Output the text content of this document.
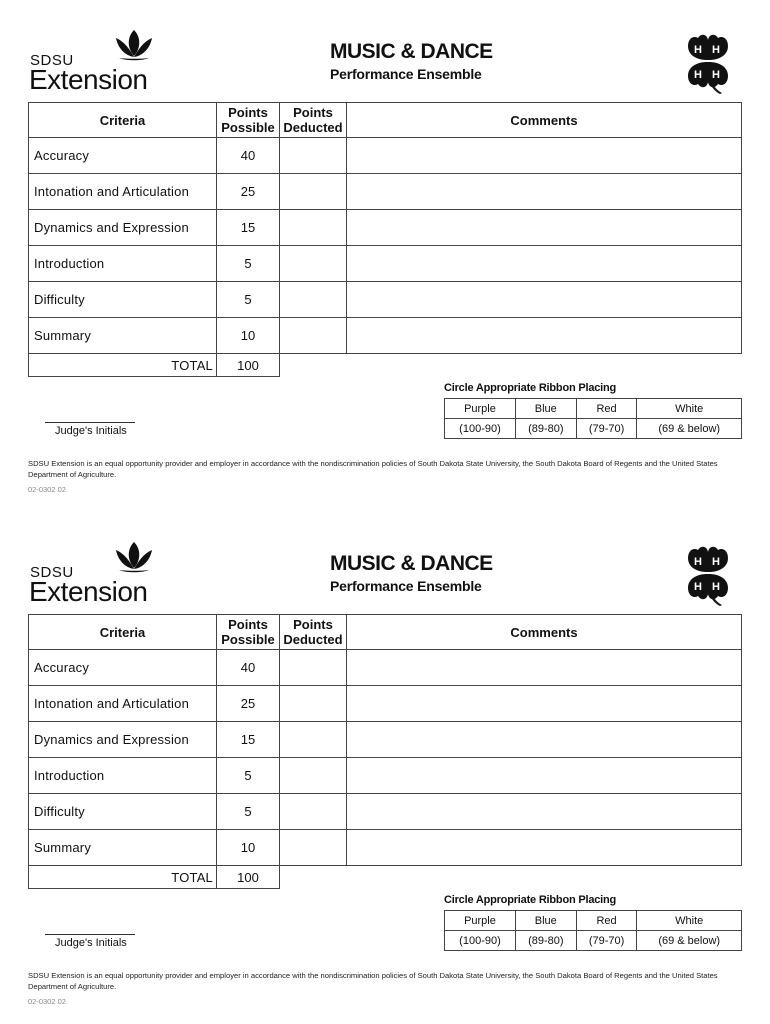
SDSU
Extension
MUSIC & DANCE
Performance Ensemble
H H
H H
Criteria	Points Possible	Points Deducted	Comments
Accuracy	40		
Intonation and Articulation	25		
Dynamics and Expression	15		
Introduction	5		
Difficulty	5		
Summary	10		
TOTAL	100		
Circle Appropriate Ribbon Placing
Purple	Blue	Red	White
(100-90)	(89-80)	(79-70)	(69 & below)
Judge's Initials
SDSU Extension is an equal opportunity provider and employer in accordance with the nondiscrimination policies of South Dakota State University, the South Dakota Board of Regents and the United States Department of Agriculture.
02-0302 02
SDSU
Extension
MUSIC & DANCE
Performance Ensemble
H H
H H
Criteria	Points Possible	Points Deducted	Comments
Accuracy	40		
Intonation and Articulation	25		
Dynamics and Expression	15		
Introduction	5		
Difficulty	5		
Summary	10		
TOTAL	100		
Circle Appropriate Ribbon Placing
Purple	Blue	Red	White
(100-90)	(89-80)	(79-70)	(69 & below)
Judge's Initials
SDSU Extension is an equal opportunity provider and employer in accordance with the nondiscrimination policies of South Dakota State University, the South Dakota Board of Regents and the United States Department of Agriculture.
02-0302 02
